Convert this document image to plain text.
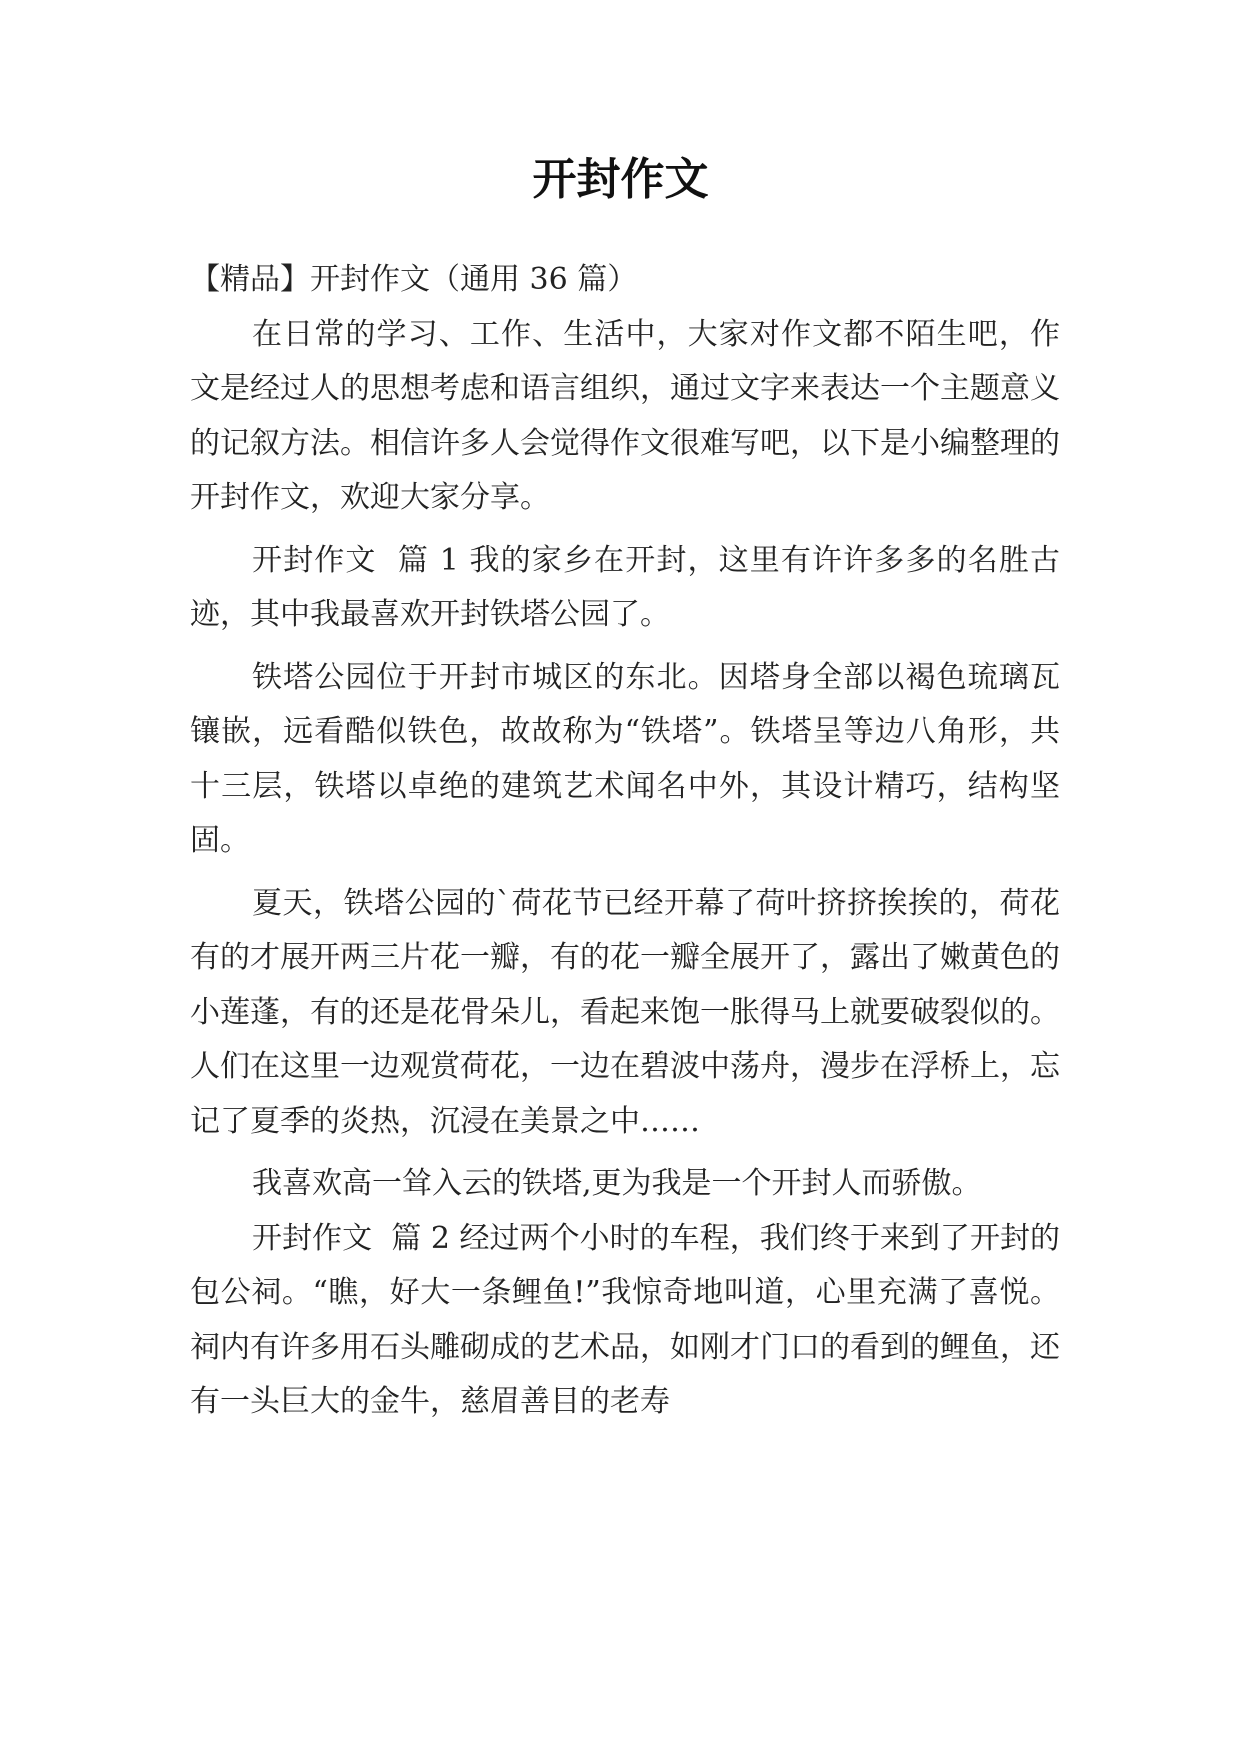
开封作文

【精品】开封作文（通用 36 篇）

在日常的学习、工作、生活中，大家对作文都不陌生吧，作文是经过人的思想考虑和语言组织，通过文字来表达一个主题意义的记叙方法。相信许多人会觉得作文很难写吧，以下是小编整理的开封作文，欢迎大家分享。

开封作文  篇 1 我的家乡在开封，这里有许许多多的名胜古迹，其中我最喜欢开封铁塔公园了。

铁塔公园位于开封市城区的东北。因塔身全部以褐色琉璃瓦镶嵌，远看酷似铁色，故故称为“铁塔”。铁塔呈等边八角形，共十三层，铁塔以卓绝的建筑艺术闻名中外，其设计精巧，结构坚固。

夏天，铁塔公园的`荷花节已经开幕了荷叶挤挤挨挨的，荷花有的才展开两三片花一瓣，有的花一瓣全展开了，露出了嫩黄色的小莲蓬，有的还是花骨朵儿，看起来饱一胀得马上就要破裂似的。人们在这里一边观赏荷花，一边在碧波中荡舟，漫步在浮桥上，忘记了夏季的炎热，沉浸在美景之中……

我喜欢高一耸入云的铁塔,更为我是一个开封人而骄傲。

开封作文  篇 2 经过两个小时的车程，我们终于来到了开封的包公祠。“瞧，好大一条鲤鱼!”我惊奇地叫道，心里充满了喜悦。祠内有许多用石头雕砌成的艺术品，如刚才门口的看到的鲤鱼，还有一头巨大的金牛，慈眉善目的老寿
